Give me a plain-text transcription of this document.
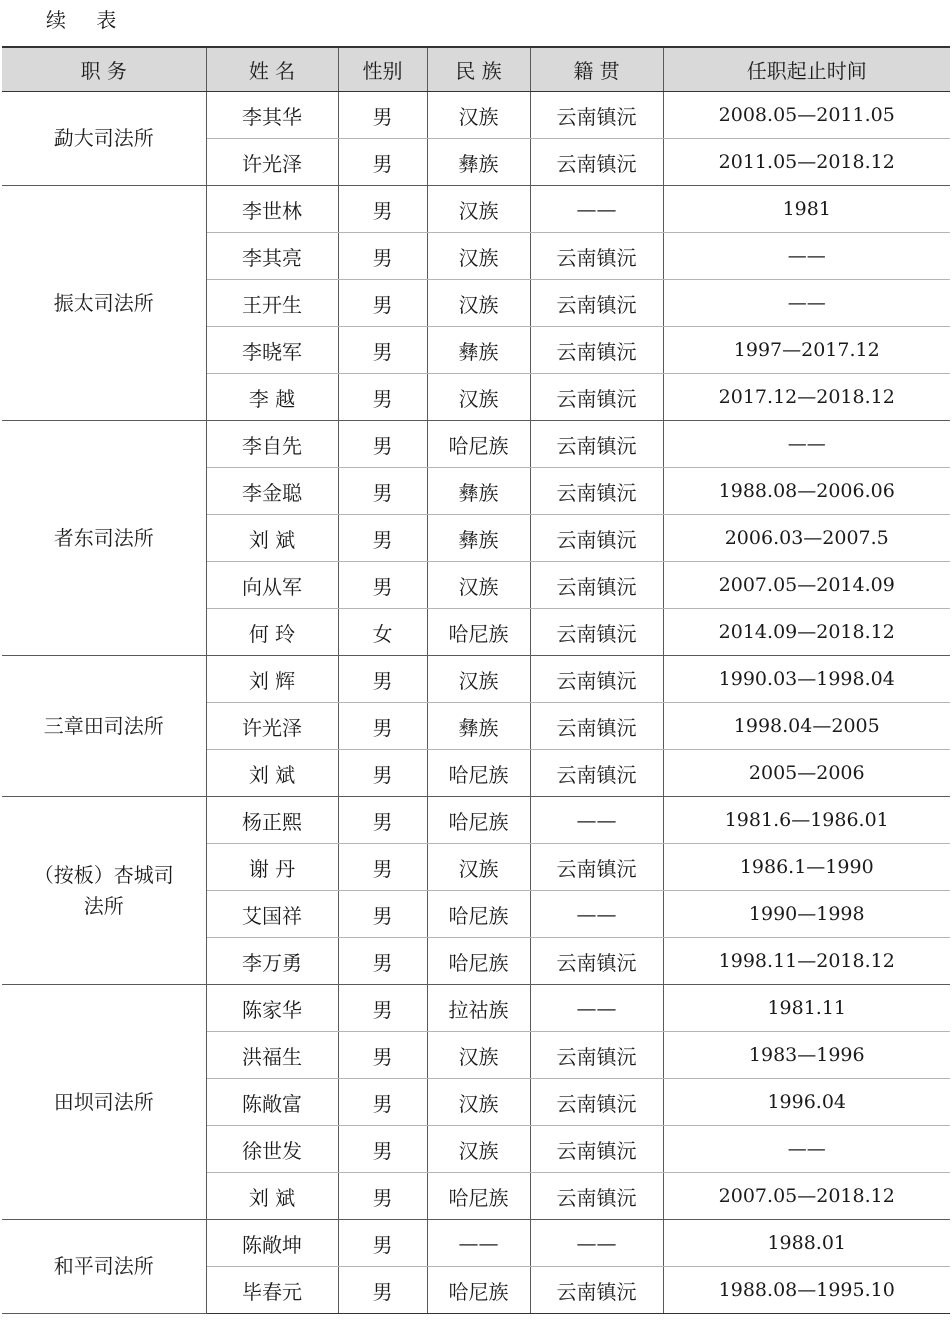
续 表
职 务	姓 名	性别	民 族	籍 贯	任职起止时间
勐大司法所	李其华	男	汉族	云南镇沅	2008.05—2011.05
	许光泽	男	彝族	云南镇沅	2011.05—2018.12
振太司法所	李世林	男	汉族	——	1981
	李其亮	男	汉族	云南镇沅	——
	王开生	男	汉族	云南镇沅	——
	李晓军	男	彝族	云南镇沅	1997—2017.12
	李 越	男	汉族	云南镇沅	2017.12—2018.12
者东司法所	李自先	男	哈尼族	云南镇沅	——
	李金聪	男	彝族	云南镇沅	1988.08—2006.06
	刘 斌	男	彝族	云南镇沅	2006.03—2007.5
	向从军	男	汉族	云南镇沅	2007.05—2014.09
	何 玲	女	哈尼族	云南镇沅	2014.09—2018.12
三章田司法所	刘 辉	男	汉族	云南镇沅	1990.03—1998.04
	许光泽	男	彝族	云南镇沅	1998.04—2005
	刘 斌	男	哈尼族	云南镇沅	2005—2006
（按板）杏城司法所	杨正熙	男	哈尼族	——	1981.6—1986.01
	谢 丹	男	汉族	云南镇沅	1986.1—1990
	艾国祥	男	哈尼族	——	1990—1998
	李万勇	男	哈尼族	云南镇沅	1998.11—2018.12
田坝司法所	陈家华	男	拉祜族	——	1981.11
	洪福生	男	汉族	云南镇沅	1983—1996
	陈敞富	男	汉族	云南镇沅	1996.04
	徐世发	男	汉族	云南镇沅	——
	刘 斌	男	哈尼族	云南镇沅	2007.05—2018.12
和平司法所	陈敞坤	男	——	——	1988.01
	毕春元	男	哈尼族	云南镇沅	1988.08—1995.10
